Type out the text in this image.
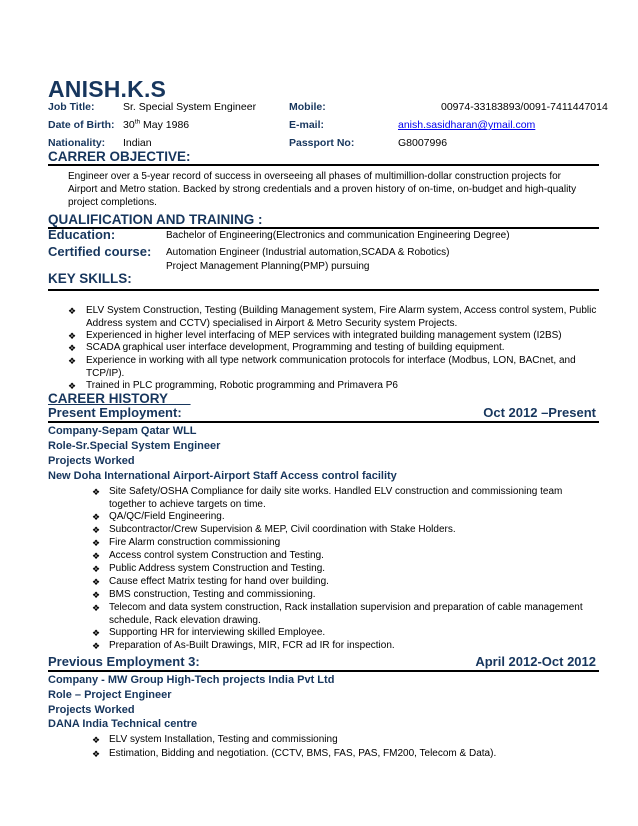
ANISH.K.S
Job Title:	Sr. Special System Engineer	Mobile:	00974-33183893/0091-7411447014
Date of Birth: 30th May 1986	E-mail:	anish.sasidharan@ymail.com
Nationality: Indian	Passport No:	G8007996
CARRER OBJECTIVE:
Engineer over a 5-year record of success in overseeing all phases of multimillion-dollar construction projects for Airport and Metro station. Backed by strong credentials and a proven history of on-time, on-budget and high-quality project completions.
QUALIFICATION AND TRAINING :
Education:	Bachelor of Engineering(Electronics and communication Engineering Degree)
Certified course: Automation Engineer (Industrial automation,SCADA & Robotics)
Project Management Planning(PMP) pursuing
KEY SKILLS:
❖ ELV System Construction, Testing (Building Management system, Fire Alarm system, Access control system, Public Address system and CCTV) specialised in Airport & Metro Security system Projects.
❖ Experienced in higher level interfacing of MEP services with integrated building management system (I2BS)
❖ SCADA graphical user interface development, Programming and testing of building equipment.
❖ Experience in working with all type network communication protocols for interface (Modbus, LON, BACnet, and TCP/IP).
❖ Trained in PLC programming, Robotic programming and Primavera P6
CAREER HISTORY
Present Employment:	Oct 2012 –Present
Company-Sepam Qatar WLL
Role-Sr.Special System Engineer
Projects Worked
New Doha International Airport-Airport Staff Access control facility
❖ Site Safety/OSHA Compliance for daily site works. Handled ELV construction and commissioning team together to achieve targets on time.
❖ QA/QC/Field Engineering.
❖ Subcontractor/Crew Supervision & MEP, Civil coordination with Stake Holders.
❖ Fire Alarm construction commissioning
❖ Access control system Construction and Testing.
❖ Public Address system Construction and Testing.
❖ Cause effect Matrix testing for hand over building.
❖ BMS construction, Testing and commissioning.
❖ Telecom and data system construction, Rack installation supervision and preparation of cable management schedule, Rack elevation drawing.
❖ Supporting HR for interviewing skilled Employee.
❖ Preparation of As-Built Drawings, MIR, FCR ad IR for inspection.
Previous Employment 3:	April 2012-Oct 2012
Company - MW Group High-Tech projects India Pvt Ltd
Role – Project Engineer
Projects Worked
DANA India Technical centre
❖ ELV system Installation, Testing and commissioning
❖ Estimation, Bidding and negotiation. (CCTV, BMS, FAS, PAS, FM200, Telecom & Data).
